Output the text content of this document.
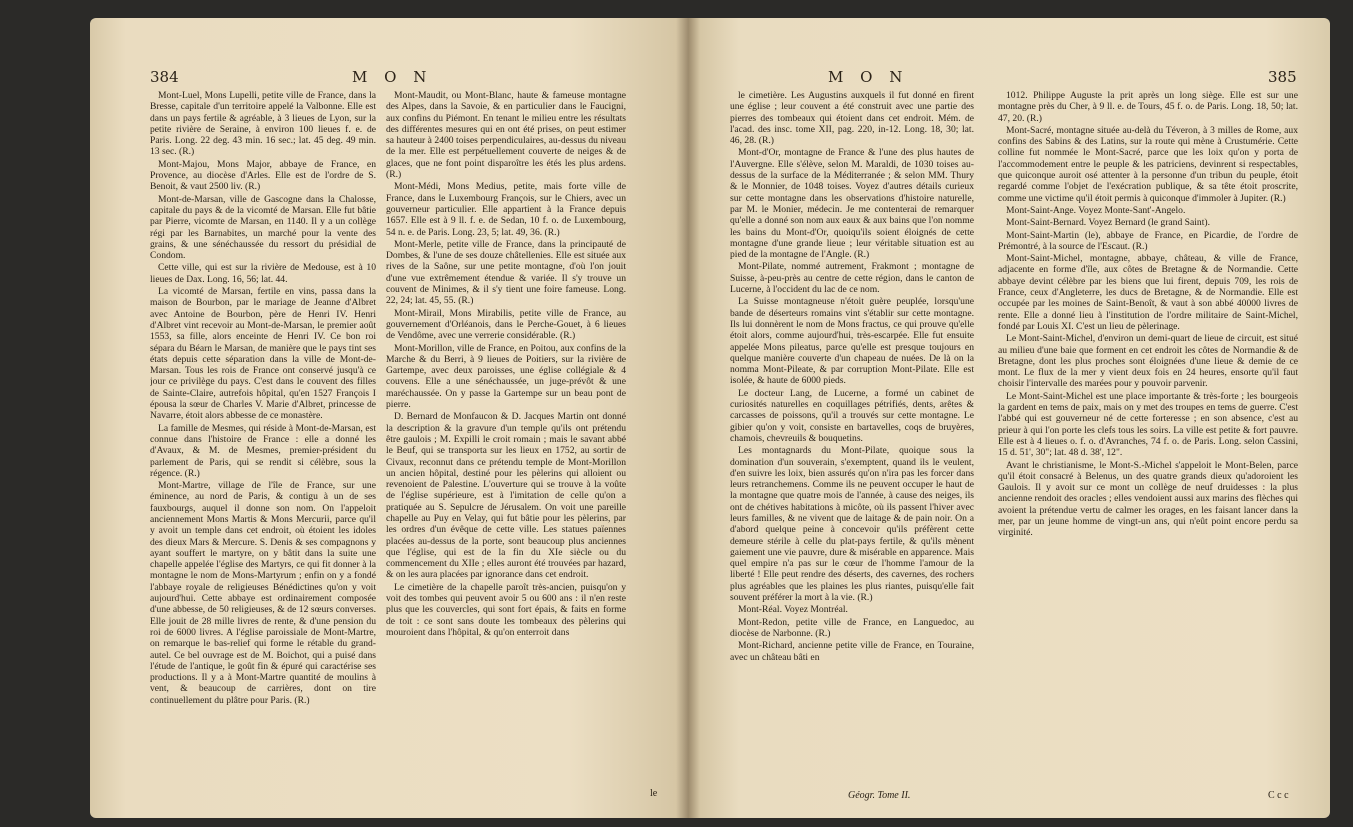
384	M O N

Mont-Luel, Mons Lupelli, petite ville de France, dans la Bresse, capitale d'un territoire appelé la Valbonne. Elle est dans un pays fertile & agréable, à 3 lieues de Lyon, sur la petite rivière de Seraine, à environ 100 lieues f. e. de Paris. Long. 22 deg. 43 min. 16 sec.; lat. 45 deg. 49 min. 13 sec. (R.)

Mont-Majou, Mons Major, abbaye de France, en Provence, au diocèse d'Arles. Elle est de l'ordre de S. Benoit, & vaut 2500 liv. (R.)

Mont-de-Marsan, ville de Gascogne dans la Chalosse, capitale du pays & de la vicomté de Marsan. Elle fut bâtie par Pierre, vicomte de Marsan, en 1140. Il y a un collège régi par les Barnabites, un marché pour la vente des grains, & une sénéchaussée du ressort du présidial de Condom.

Cette ville, qui est sur la rivière de Medouse, est à 10 lieues de Dax. Long. 16, 56; lat. 44.

La vicomté de Marsan, fertile en vins, passa dans la maison de Bourbon, par le mariage de Jeanne d'Albret avec Antoine de Bourbon, père de Henri IV. Henri d'Albret vint recevoir au Mont-de-Marsan, le premier août 1553, sa fille, alors enceinte de Henri IV. Ce bon roi sépara du Béarn le Marsan, de manière que le pays tint ses états depuis cette séparation dans la ville de Mont-de-Marsan. Tous les rois de France ont conservé jusqu'à ce jour ce privilège du pays. C'est dans le couvent des filles de Sainte-Claire, autrefois hôpital, qu'en 1527 François I épousa la sœur de Charles V. Marie d'Albret, princesse de Navarre, étoit alors abbesse de ce monastère.

La famille de Mesmes, qui réside à Mont-de-Marsan, est connue dans l'histoire de France : elle a donné les d'Avaux, & M. de Mesmes, premier-président du parlement de Paris, qui se rendit si célèbre, sous la régence. (R.)

Mont-Martre, village de l'île de France, sur une éminence, au nord de Paris, & contigu à un de ses fauxbourgs, auquel il donne son nom. On l'appeloit anciennement Mons Martis & Mons Mercurii, parce qu'il y avoit un temple dans cet endroit, où étoient les idoles des dieux Mars & Mercure. S. Denis & ses compagnons y ayant souffert le martyre, on y bâtit dans la suite une chapelle appelée l'église des Martyrs, ce qui fit donner à la montagne le nom de Mons-Martyrum ; enfin on y a fondé l'abbaye royale de religieuses Bénédictines qu'on y voit aujourd'hui. Cette abbaye est ordinairement composée d'une abbesse, de 50 religieuses, & de 12 sœurs converses. Elle jouit de 28 mille livres de rente, & d'une pension du roi de 6000 livres. A l'église paroissiale de Mont-Martre, on remarque le bas-relief qui forme le rétable du grand-autel. Ce bel ouvrage est de M. Boichot, qui a puisé dans l'étude de l'antique, le goût fin & épuré qui caractérise ses productions. Il y a à Mont-Martre quantité de moulins à vent, & beaucoup de carrières, dont on tire continuellement du plâtre pour Paris. (R.)

Mont-Maudit, ou Mont-Blanc, haute & fameuse montagne des Alpes, dans la Savoie, & en particulier dans le Faucigni, aux confins du Piémont. En tenant le milieu entre les résultats des différentes mesures qui en ont été prises, on peut estimer sa hauteur à 2400 toises perpendiculaires, au-dessus du niveau de la mer. Elle est perpétuellement couverte de neiges & de glaces, que ne font point disparoître les étés les plus ardens. (R.)

Mont-Médi, Mons Medius, petite, mais forte ville de France, dans le Luxembourg François, sur le Chiers, avec un gouverneur particulier. Elle appartient à la France depuis 1657. Elle est à 9 ll. f. e. de Sedan, 10 f. o. de Luxembourg, 54 n. e. de Paris. Long. 23, 5; lat. 49, 36. (R.)

Mont-Merle, petite ville de France, dans la principauté de Dombes, & l'une de ses douze châtellenies. Elle est située aux rives de la Saône, sur une petite montagne, d'où l'on jouit d'une vue extrêmement étendue & variée. Il s'y trouve un couvent de Minimes, & il s'y tient une foire fameuse. Long. 22, 24; lat. 45, 55. (R.)

Mont-Mirail, Mons Mirabilis, petite ville de France, au gouvernement d'Orléanois, dans le Perche-Gouet, à 6 lieues de Vendôme, avec une verrerie considérable. (R.)

Mont-Morillon, ville de France, en Poitou, aux confins de la Marche & du Berri, à 9 lieues de Poitiers, sur la rivière de Gartempe, avec deux paroisses, une église collégiale & 4 couvens. Elle a une sénéchaussée, un juge-prévôt & une maréchaussée. On y passe la Gartempe sur un beau pont de pierre.

D. Bernard de Monfaucon & D. Jacques Martin ont donné la description & la gravure d'un temple qu'ils ont prétendu être gaulois ; M. Expilli le croit romain ; mais le savant abbé le Beuf, qui se transporta sur les lieux en 1752, au sortir de Civaux, reconnut dans ce prétendu temple de Mont-Morillon un ancien hôpital, destiné pour les pèlerins qui alloient ou revenoient de Palestine. L'ouverture qui se trouve à la voûte de l'église supérieure, est à l'imitation de celle qu'on a pratiquée au S. Sepulcre de Jérusalem. On voit une pareille chapelle au Puy en Velay, qui fut bâtie pour les pèlerins, par les ordres d'un évêque de cette ville. Les statues païennes placées au-dessus de la porte, sont beaucoup plus anciennes que l'église, qui est de la fin du XIe siècle ou du commencement du XIIe ; elles auront été trouvées par hazard, & on les aura placées par ignorance dans cet endroit.

Le cimetière de la chapelle paroît très-ancien, puisqu'on y voit des tombes qui peuvent avoir 5 ou 600 ans : il n'en reste plus que les couvercles, qui sont fort épais, & faits en forme de toit : ce sont sans doute les tombeaux des pèlerins qui mouroient dans l'hôpital, & qu'on enterroit dans

le
M O N	385

le cimetière. Les Augustins auxquels il fut donné en firent une église ; leur couvent a été construit avec une partie des pierres des tombeaux qui étoient dans cet endroit. Mém. de l'acad. des insc. tome XII, pag. 220, in-12. Long. 18, 30; lat. 46, 28. (R.)

Mont-d'Or, montagne de France & l'une des plus hautes de l'Auvergne. Elle s'élève, selon M. Maraldi, de 1030 toises au-dessus de la surface de la Méditerranée ; & selon MM. Thury & le Monnier, de 1048 toises. Voyez d'autres détails curieux sur cette montagne dans les observations d'histoire naturelle, par M. le Monier, médecin. Je me contenterai de remarquer qu'elle a donné son nom aux eaux & aux bains que l'on nomme les bains du Mont-d'Or, quoiqu'ils soient éloignés de cette montagne d'une grande lieue ; leur véritable situation est au pied de la montagne de l'Angle. (R.)

Mont-Pilate, nommé autrement, Frakmont ; montagne de Suisse, à-peu-près au centre de cette région, dans le canton de Lucerne, à l'occident du lac de ce nom.

La Suisse montagneuse n'étoit guère peuplée, lorsqu'une bande de déserteurs romains vint s'établir sur cette montagne. Ils lui donnèrent le nom de Mons fractus, ce qui prouve qu'elle étoit alors, comme aujourd'hui, très-escarpée. Elle fut ensuite appelée Mons pileatus, parce qu'elle est presque toujours en quelque manière couverte d'un chapeau de nuées. De là on la nomma Mont-Pileate, & par corruption Mont-Pilate. Elle est isolée, & haute de 6000 pieds.

Le docteur Lang, de Lucerne, a formé un cabinet de curiosités naturelles en coquillages pétrifiés, dents, arêtes & carcasses de poissons, qu'il a trouvés sur cette montagne. Le gibier qu'on y voit, consiste en bartavelles, coqs de bruyères, chamois, chevreuils & bouquetins.

Les montagnards du Mont-Pilate, quoique sous la domination d'un souverain, s'exemptent, quand ils le veulent, d'en suivre les loix, bien assurés qu'on n'ira pas les forcer dans leurs retranchemens. Comme ils ne peuvent occuper le haut de la montagne que quatre mois de l'année, à cause des neiges, ils ont de chétives habitations à micôte, où ils passent l'hiver avec leurs familles, & ne vivent que de laitage & de pain noir. On a d'abord quelque peine à concevoir qu'ils préfèrent cette demeure stérile à celle du plat-pays fertile, & qu'ils mènent gaiement une vie pauvre, dure & misérable en apparence. Mais quel empire n'a pas sur le cœur de l'homme l'amour de la liberté ! Elle peut rendre des déserts, des cavernes, des rochers plus agréables que les plaines les plus riantes, puisqu'elle fait souvent préférer la mort à la vie. (R.)

Mont-Réal. Voyez Montréal.

Mont-Redon, petite ville de France, en Languedoc, au diocèse de Narbonne. (R.)

Mont-Richard, ancienne petite ville de France, en Touraine, avec un château bâti en

Géogr. Tome II.

1012. Philippe Auguste la prit après un long siège. Elle est sur une montagne près du Cher, à 9 ll. e. de Tours, 45 f. o. de Paris. Long. 18, 50; lat. 47, 20. (R.)

Mont-Sacré, montagne située au-delà du Téveron, à 3 milles de Rome, aux confins des Sabins & des Latins, sur la route qui mène à Crustumérie. Cette colline fut nommée le Mont-Sacré, parce que les loix qu'on y porta de l'accommodement entre le peuple & les patriciens, devinrent si respectables, que quiconque auroit osé attenter à la personne d'un tribun du peuple, étoit regardé comme l'objet de l'exécration publique, & sa tête étoit proscrite, comme une victime qu'il étoit permis à quiconque d'immoler à Jupiter. (R.)

Mont-Saint-Ange. Voyez Monte-Sant'-Angelo.

Mont-Saint-Bernard. Voyez Bernard (le grand Saint).

Mont-Saint-Martin (le), abbaye de France, en Picardie, de l'ordre de Prémontré, à la source de l'Escaut. (R.)

Mont-Saint-Michel, montagne, abbaye, château, & ville de France, adjacente en forme d'île, aux côtes de Bretagne & de Normandie. Cette abbaye devint célèbre par les biens que lui firent, depuis 709, les rois de France, ceux d'Angleterre, les ducs de Bretagne, & de Normandie. Elle est occupée par les moines de Saint-Benoît, & vaut à son abbé 40000 livres de rente. Elle a donné lieu à l'institution de l'ordre militaire de Saint-Michel, fondé par Louis XI. C'est un lieu de pèlerinage.

Le Mont-Saint-Michel, d'environ un demi-quart de lieue de circuit, est situé au milieu d'une baie que forment en cet endroit les côtes de Normandie & de Bretagne, dont les plus proches sont éloignées d'une lieue & demie de ce mont. Le flux de la mer y vient deux fois en 24 heures, ensorte qu'il faut choisir l'intervalle des marées pour y pouvoir parvenir.

Le Mont-Saint-Michel est une place importante & très-forte ; les bourgeois la gardent en tems de paix, mais on y met des troupes en tems de guerre. C'est l'abbé qui est gouverneur né de cette forteresse ; en son absence, c'est au prieur à qui l'on porte les clefs tous les soirs. La ville est petite & fort pauvre. Elle est à 4 lieues o. f. o. d'Avranches, 74 f. o. de Paris. Long. selon Cassini, 15 d. 51', 30"; lat. 48 d. 38', 12".

Avant le christianisme, le Mont-S.-Michel s'appeloit le Mont-Belen, parce qu'il étoit consacré à Belenus, un des quatre grands dieux qu'adoroient les Gaulois. Il y avoit sur ce mont un collège de neuf druidesses : la plus ancienne rendoit des oracles ; elles vendoient aussi aux marins des flèches qui avoient la prétendue vertu de calmer les orages, en les faisant lancer dans la mer, par un jeune homme de vingt-un ans, qui n'eût point encore perdu sa virginité.

C c c
